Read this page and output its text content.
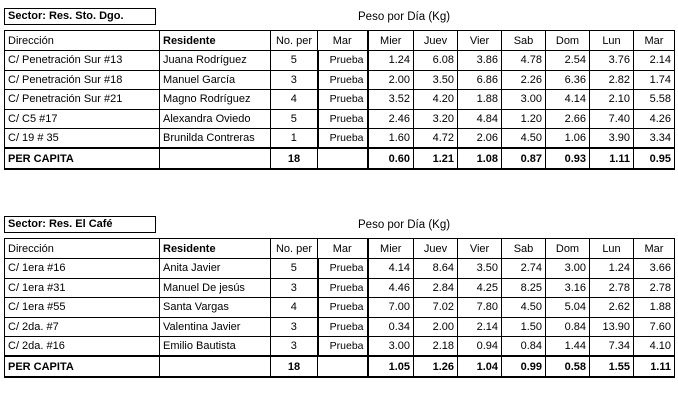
Sector: Res. Sto. Dgo.	Peso por Día (Kg)
Dirección	Residente	No. per	Mar	Mier	Juev	Vier	Sab	Dom	Lun	Mar
C/ Penetración Sur #13	Juana Rodríguez	5	Prueba	1.24	6.08	3.86	4.78	2.54	3.76	2.14
C/ Penetración Sur #18	Manuel García	3	Prueba	2.00	3.50	6.86	2.26	6.36	2.82	1.74
C/ Penetración Sur #21	Magno Rodríguez	4	Prueba	3.52	4.20	1.88	3.00	4.14	2.10	5.58
C/ C5 #17	Alexandra Oviedo	5	Prueba	2.46	3.20	4.84	1.20	2.66	7.40	4.26
C/ 19 # 35	Brunilda Contreras	1	Prueba	1.60	4.72	2.06	4.50	1.06	3.90	3.34
PER CAPITA		18		0.60	1.21	1.08	0.87	0.93	1.11	0.95
Sector: Res. El Café	Peso por Día (Kg)
Dirección	Residente	No. per	Mar	Mier	Juev	Vier	Sab	Dom	Lun	Mar
C/ 1era #16	Anita Javier	5	Prueba	4.14	8.64	3.50	2.74	3.00	1.24	3.66
C/ 1era #31	Manuel De jesús	3	Prueba	4.46	2.84	4.25	8.25	3.16	2.78	2.78
C/ 1era #55	Santa Vargas	4	Prueba	7.00	7.02	7.80	4.50	5.04	2.62	1.88
C/ 2da. #7	Valentina Javier	3	Prueba	0.34	2.00	2.14	1.50	0.84	13.90	7.60
C/ 2da. #16	Emilio Bautista	3	Prueba	3.00	2.18	0.94	0.84	1.44	7.34	4.10
PER CAPITA		18		1.05	1.26	1.04	0.99	0.58	1.55	1.11
